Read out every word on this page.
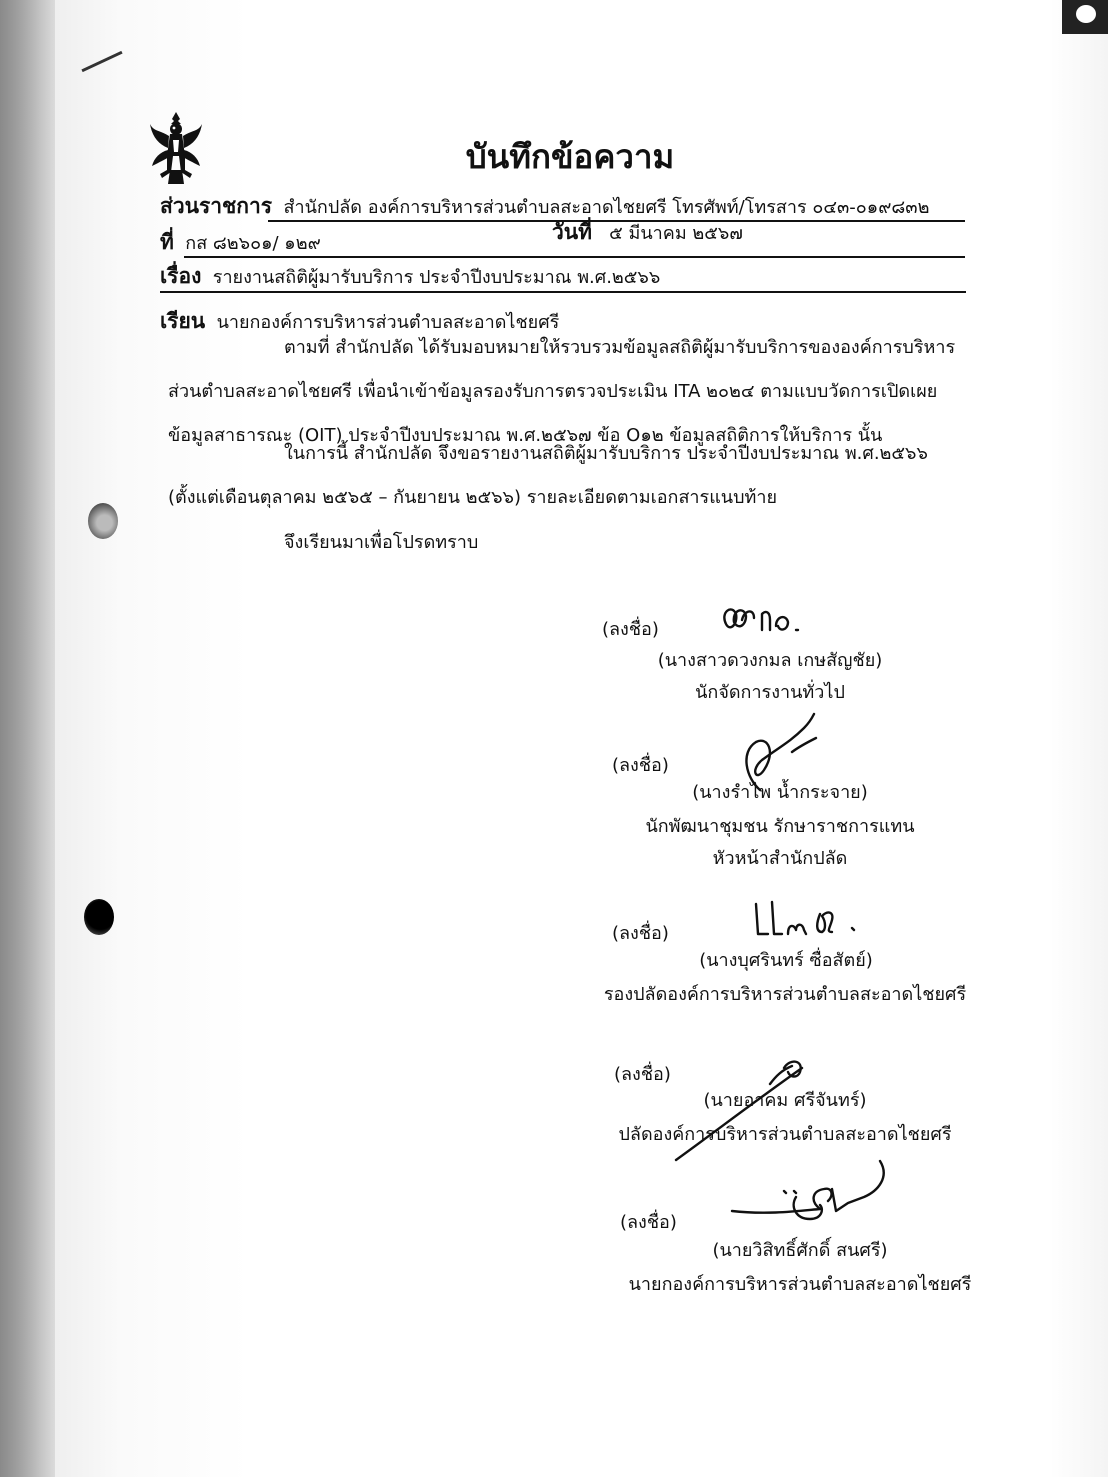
บันทึกข้อความ
ส่วนราชการ สำนักปลัด องค์การบริหารส่วนตำบลสะอาดไชยศรี โทรศัพท์/โทรสาร ๐๔๓-๐๑๙๘๓๒
ที่ กส ๘๒๖๐๑/ ๑๒๙	วันที่ ๕ มีนาคม ๒๕๖๗
เรื่อง รายงานสถิติผู้มารับบริการ ประจำปีงบประมาณ พ.ศ.๒๕๖๖
เรียน นายกองค์การบริหารส่วนตำบลสะอาดไชยศรี
ตามที่ สำนักปลัด ได้รับมอบหมายให้รวบรวมข้อมูลสถิติผู้มารับบริการขององค์การบริหารส่วนตำบลสะอาดไชยศรี เพื่อนำเข้าข้อมูลรองรับการตรวจประเมิน ITA ๒๐๒๔ ตามแบบวัดการเปิดเผยข้อมูลสาธารณะ (OIT) ประจำปีงบประมาณ พ.ศ.๒๕๖๗ ข้อ O๑๒ ข้อมูลสถิติการให้บริการ นั้น
ในการนี้ สำนักปลัด จึงขอรายงานสถิติผู้มารับบริการ ประจำปีงบประมาณ พ.ศ.๒๕๖๖ (ตั้งแต่เดือนตุลาคม ๒๕๖๕ – กันยายน ๒๕๖๖) รายละเอียดตามเอกสารแนบท้าย
จึงเรียนมาเพื่อโปรดทราบ
(ลงชื่อ)
(นางสาวดวงกมล เกษสัญชัย)
นักจัดการงานทั่วไป
(ลงชื่อ)
(นางรำไพ น้ำกระจาย)
นักพัฒนาชุมชน รักษาราชการแทน
หัวหน้าสำนักปลัด
(ลงชื่อ)
(นางบุศรินทร์ ซื่อสัตย์)
รองปลัดองค์การบริหารส่วนตำบลสะอาดไชยศรี
(ลงชื่อ)
(นายอาคม ศรีจันทร์)
ปลัดองค์การบริหารส่วนตำบลสะอาดไชยศรี
(ลงชื่อ)
(นายวิสิทธิ์ศักดิ์ สนศรี)
นายกองค์การบริหารส่วนตำบลสะอาดไชยศรี
